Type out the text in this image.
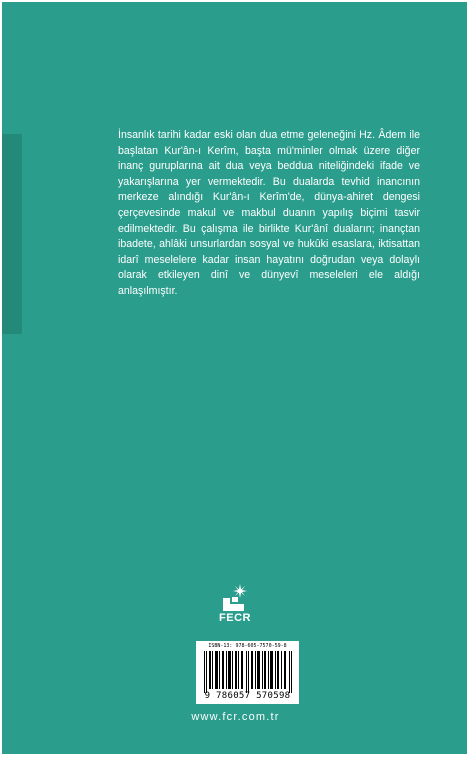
İnsanlık tarihi kadar eski olan dua etme geleneğini Hz. Âdem ile başlatan Kur'ân-ı Kerîm, başta mü'minler olmak üzere diğer inanç guruplarına ait dua veya beddua niteliğindeki ifade ve yakarışlarına yer vermektedir. Bu dualarda tevhid inancının merkeze alındığı Kur'ân-ı Kerîm'de, dünya-ahiret dengesi çerçevesinde makul ve makbul duanın yapılış biçimi tasvir edilmektedir. Bu çalışma ile birlikte Kur'ânî duaların; inançtan ibadete, ahlâki unsurlardan sosyal ve hukûki esaslara, iktisattan idarî meselelere kadar insan hayatını doğrudan veya dolaylı olarak etkileyen dinî ve dünyevî meseleleri ele aldığı anlaşılmıştır.

FECR
ISBN-13: 978-605-7570-59-8
9 786057 570598
www.fcr.com.tr
